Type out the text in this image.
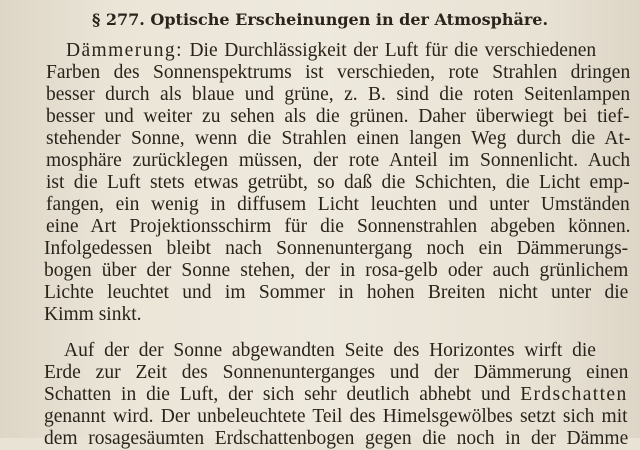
§ 277. Optische Erscheinungen in der Atmosphäre.
Dämmerung: Die Durchlässigkeit der Luft für die verschiedenen
Farben des Sonnenspektrums ist verschieden, rote Strahlen dringen
besser durch als blaue und grüne, z. B. sind die roten Seitenlampen
besser und weiter zu sehen als die grünen. Daher überwiegt bei tief-
stehender Sonne, wenn die Strahlen einen langen Weg durch die At-
mosphäre zurücklegen müssen, der rote Anteil im Sonnenlicht. Auch
ist die Luft stets etwas getrübt, so daß die Schichten, die Licht emp-
fangen, ein wenig in diffusem Licht leuchten und unter Umständen
eine Art Projektionsschirm für die Sonnenstrahlen abgeben können.
Infolgedessen bleibt nach Sonnenuntergang noch ein Dämmerungs-
bogen über der Sonne stehen, der in rosa-gelb oder auch grünlichem
Lichte leuchtet und im Sommer in hohen Breiten nicht unter die
Kimm sinkt.
Auf der der Sonne abgewandten Seite des Horizontes wirft die
Erde zur Zeit des Sonnenunterganges und der Dämmerung einen
Schatten in die Luft, der sich sehr deutlich abhebt und Erdschatten
genannt wird. Der unbeleuchtete Teil des Himelsgewölbes setzt sich mit
dem rosagesäumten Erdschattenbogen gegen die noch in der Dämme
